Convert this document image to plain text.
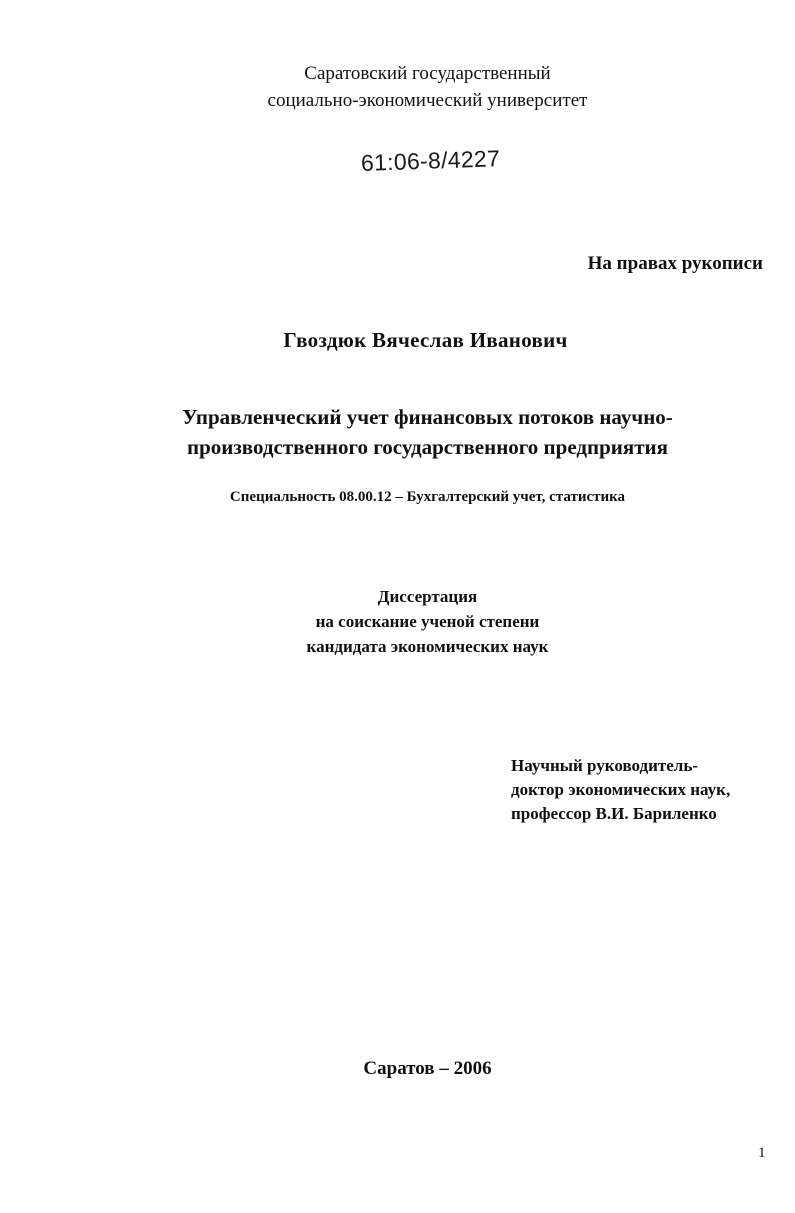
Саратовский государственный
социально-экономический университет
61:06-8/4227
На правах рукописи
Гвоздюк Вячеслав Иванович
Управленческий учет финансовых потоков научно-
производственного государственного предприятия
Специальность 08.00.12 – Бухгалтерский учет, статистика
Диссертация
на соискание ученой степени
кандидата экономических наук
Научный руководитель-
доктор экономических наук,
профессор В.И. Бариленко
Саратов – 2006
1
